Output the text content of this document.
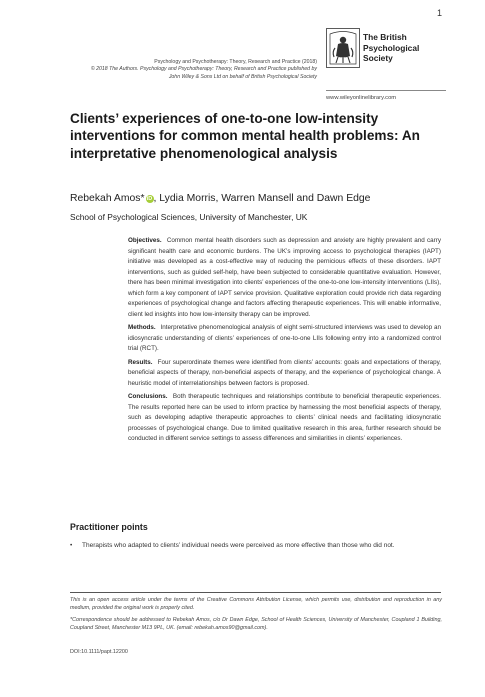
1
Psychology and Psychotherapy: Theory, Research and Practice (2018)
© 2018 The Authors. Psychology and Psychotherapy: Theory, Research and Practice published by
John Wiley & Sons Ltd on behalf of British Psychological Society
The British
Psychological Society
www.wileyonlinelibrary.com
Clients’ experiences of one-to-one low-intensity interventions for common mental health problems: An interpretative phenomenological analysis
Rebekah Amos* iD, Lydia Morris, Warren Mansell and Dawn Edge
School of Psychological Sciences, University of Manchester, UK

Objectives. Common mental health disorders such as depression and anxiety are highly prevalent and carry significant health care and economic burdens. The UK’s improving access to psychological therapies (IAPT) initiative was developed as a cost-effective way of reducing the pernicious effects of these disorders. IAPT interventions, such as guided self-help, have been subjected to considerable quantitative evaluation. However, there has been minimal investigation into clients’ experiences of the one-to-one low-intensity interventions (LIIs), which form a key component of IAPT service provision. Qualitative exploration could provide rich data regarding experiences of psychological change and factors affecting therapeutic experiences. This will enable informative, client led insights into how low-intensity therapy can be improved.

Methods. Interpretative phenomenological analysis of eight semi-structured interviews was used to develop an idiosyncratic understanding of clients’ experiences of one-to-one LIIs following entry into a randomized control trial (RCT).

Results. Four superordinate themes were identified from clients’ accounts: goals and expectations of therapy, beneficial aspects of therapy, non-beneficial aspects of therapy, and the experience of psychological change. A heuristic model of interrelationships between factors is proposed.

Conclusions. Both therapeutic techniques and relationships contribute to beneficial therapeutic experiences. The results reported here can be used to inform practice by harnessing the most beneficial aspects of therapy, such as developing adaptive therapeutic approaches to clients’ clinical needs and facilitating idiosyncratic processes of psychological change. Due to limited qualitative research in this area, further research should be conducted in different service settings to assess differences and similarities in clients’ experiences.

Practitioner points
• Therapists who adapted to clients’ individual needs were perceived as more effective than those who did not.

This is an open access article under the terms of the Creative Commons Attribution License, which permits use, distribution and reproduction in any medium, provided the original work is properly cited.

*Correspondence should be addressed to Rebekah Amos, c/o Dr Dawn Edge, School of Health Sciences, University of Manchester, Coupland 1 Building, Coupland Street, Manchester M13 9PL, UK. (email: rebekah.amos90@gmail.com).

DOI:10.1111/papt.12200
